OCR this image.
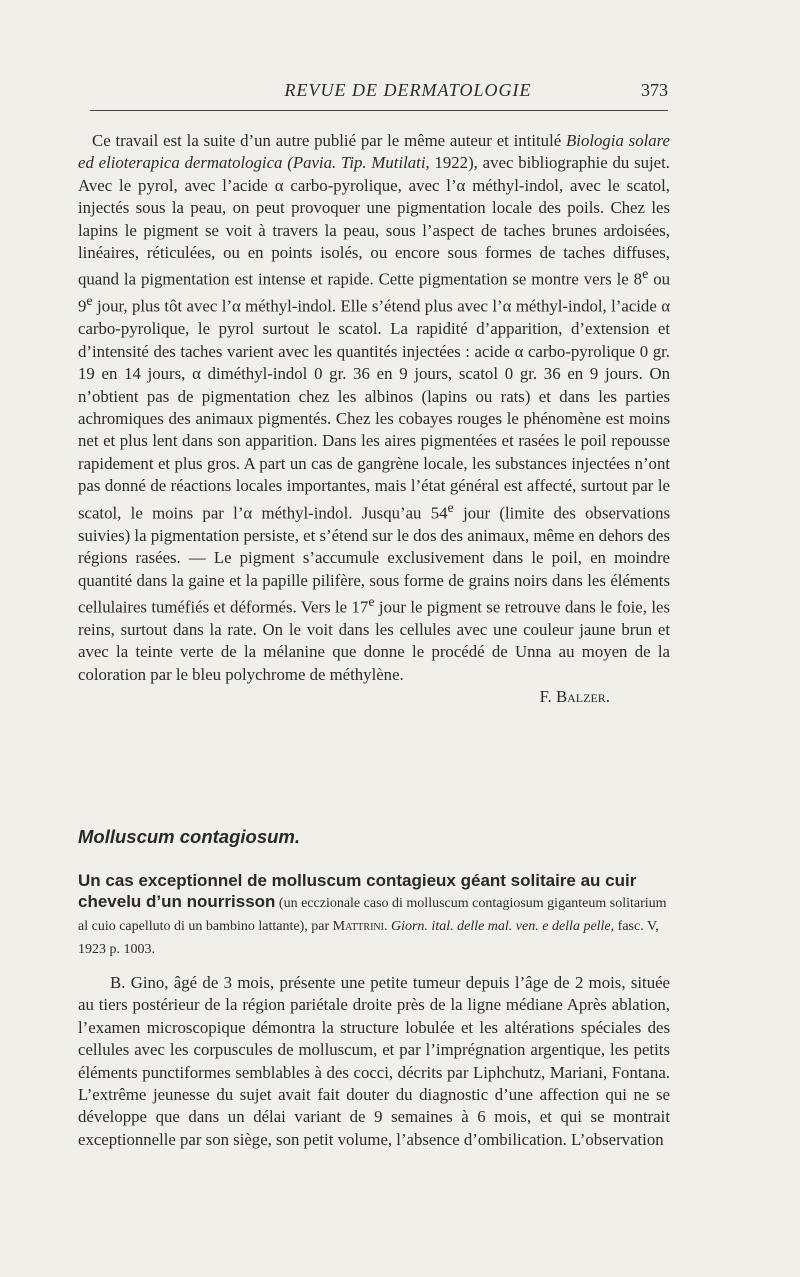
REVUE DE DERMATOLOGIE	373
Ce travail est la suite d’un autre publié par le même auteur et intitulé Biologia solare ed elioterapica dermatologica (Pavia. Tip. Mutilati, 1922), avec bibliographie du sujet. Avec le pyrol, avec l’acide α carbo-pyrolique, avec l’α méthyl-indol, avec le scatol, injectés sous la peau, on peut provoquer une pigmentation locale des poils. Chez les lapins le pigment se voit à travers la peau, sous l’aspect de taches brunes ardoisées, linéaires, réticulées, ou en points isolés, ou encore sous formes de taches diffuses, quand la pigmentation est intense et rapide. Cette pigmentation se montre vers le 8e ou 9e jour, plus tôt avec l’α méthyl-indol. Elle s’étend plus avec l’α méthyl-indol, l’acide α carbo-pyrolique, le pyrol surtout le scatol. La rapidité d’apparition, d’extension et d’intensité des taches varient avec les quantités injectées : acide α carbo-pyrolique 0 gr. 19 en 14 jours, α diméthyl-indol 0 gr. 36 en 9 jours, scatol 0 gr. 36 en 9 jours. On n’obtient pas de pigmentation chez les albinos (lapins ou rats) et dans les parties achromiques des animaux pigmentés. Chez les cobayes rouges le phénomène est moins net et plus lent dans son apparition. Dans les aires pigmentées et rasées le poil repousse rapidement et plus gros. A part un cas de gangrène locale, les substances injectées n’ont pas donné de réactions locales importantes, mais l’état général est affecté, surtout par le scatol, le moins par l’α méthyl-indol. Jusqu’au 54e jour (limite des observations suivies) la pigmentation persiste, et s’étend sur le dos des animaux, même en dehors des régions rasées. — Le pigment s’accumule exclusivement dans le poil, en moindre quantité dans la gaine et la papille pilifère, sous forme de grains noirs dans les éléments cellulaires tuméfiés et déformés. Vers le 17e jour le pigment se retrouve dans le foie, les reins, surtout dans la rate. On le voit dans les cellules avec une couleur jaune brun et avec la teinte verte de la mélanine que donne le procédé de Unna au moyen de la coloration par le bleu polychrome de méthylène.
F. Balzer.
Molluscum contagiosum.
Un cas exceptionnel de molluscum contagieux géant solitaire au cuir chevelu d’un nourrisson (un ecczionale caso di molluscum contagiosum giganteum solitarium al cuio capelluto di un bambino lattante), par Mattrini. Giorn. ital. delle mal. ven. e della pelle, fasc. V, 1923 p. 1003.
B. Gino, âgé de 3 mois, présente une petite tumeur depuis l’âge de 2 mois, située au tiers postérieur de la région pariétale droite près de la ligne médiane Après ablation, l’examen microscopique démontra la structure lobulée et les altérations spéciales des cellules avec les corpuscules de molluscum, et par l’imprégnation argentique, les petits éléments punctiformes semblables à des cocci, décrits par Liphchutz, Mariani, Fontana. L’extrême jeunesse du sujet avait fait douter du diagnostic d’une affection qui ne se développe que dans un délai variant de 9 semaines à 6 mois, et qui se montrait exceptionnelle par son siège, son petit volume, l’absence d’ombilication. L’observation
